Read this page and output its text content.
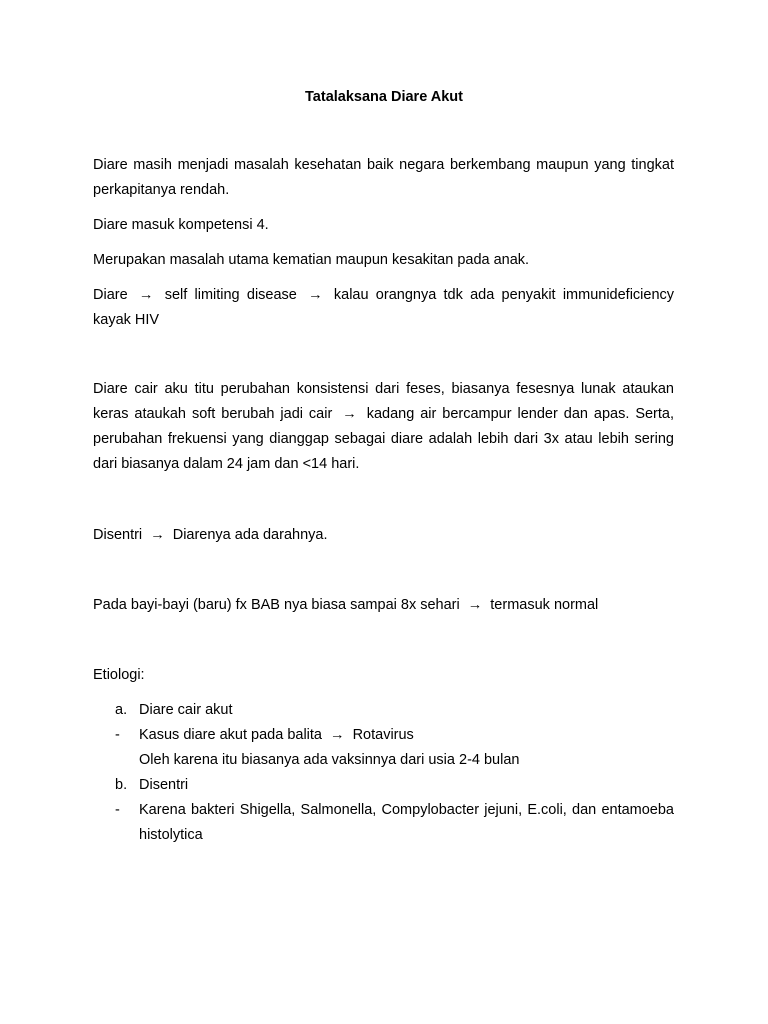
Tatalaksana Diare Akut

Diare masih menjadi masalah kesehatan baik negara berkembang maupun yang tingkat perkapitanya rendah.

Diare masuk kompetensi 4.

Merupakan masalah utama kematian maupun kesakitan pada anak.

Diare → self limiting disease → kalau orangnya tdk ada penyakit immunideficiency kayak HIV

Diare cair aku titu perubahan konsistensi dari feses, biasanya fesesnya lunak ataukan keras ataukah soft berubah jadi cair → kadang air bercampur lender dan apas. Serta, perubahan frekuensi yang dianggap sebagai diare adalah lebih dari 3x atau lebih sering dari biasanya dalam 24 jam dan <14 hari.

Disentri → Diarenya ada darahnya.

Pada bayi-bayi (baru) fx BAB nya biasa sampai 8x sehari → termasuk normal

Etiologi:

a. Diare cair akut
-	Kasus diare akut pada balita → Rotavirus
Oleh karena itu biasanya ada vaksinnya dari usia 2-4 bulan
b. Disentri
-	Karena bakteri Shigella, Salmonella, Compylobacter jejuni, E.coli, dan entamoeba histolytica
